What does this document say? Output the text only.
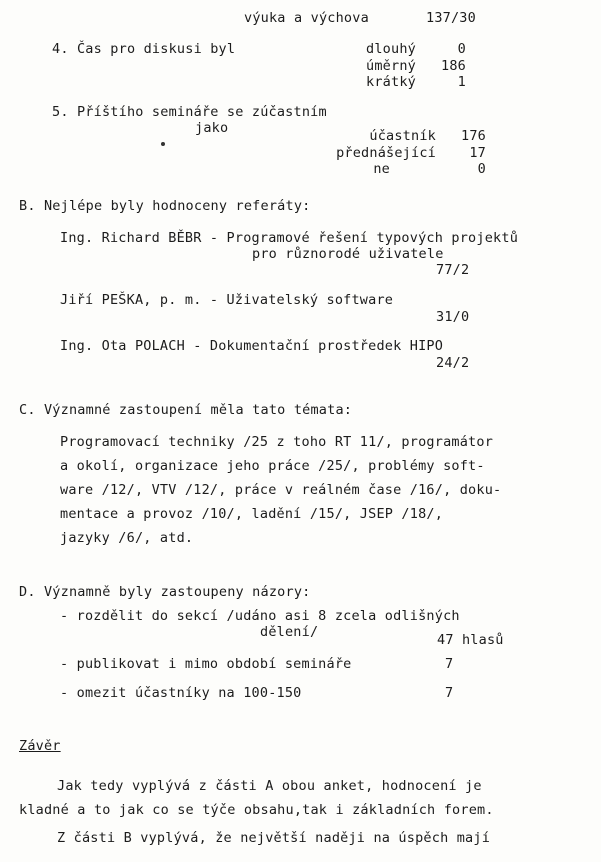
výuka a výchova	137/30
4. Čas pro diskusi byl	dlouhý	0
úměrný	186
krátký	1
5. Příštího semináře se zúčastním
jako	účastník	176
přednášející	17
ne	0
B. Nejlépe byly hodnoceny referáty:
Ing. Richard BĚBR - Programové řešení typových projektů
pro různorodé uživatele
77/2
Jiří PEŠKA, p. m. - Uživatelský software
31/0
Ing. Ota POLACH - Dokumentační prostředek HIPO
24/2
C. Významné zastoupení měla tato témata:
Programovací techniky /25 z toho RT 11/, programátor
a okolí, organizace jeho práce /25/, problémy soft-
ware /12/, VTV /12/, práce v reálném čase /16/, doku-
mentace a provoz /10/, ladění /15/, JSEP /18/,
jazyky /6/, atd.
D. Významně byly zastoupeny názory:
- rozdělit do sekcí /udáno asi 8 zcela odlišných
dělení/	47 hlasů
- publikovat i mimo období semináře	7
- omezit účastníky na 100-150	7
Závěr
Jak tedy vyplývá z části A obou anket, hodnocení je
kladné a to jak co se týče obsahu,tak i základních forem.
Z části B vyplývá, že největší naději na úspěch mají
